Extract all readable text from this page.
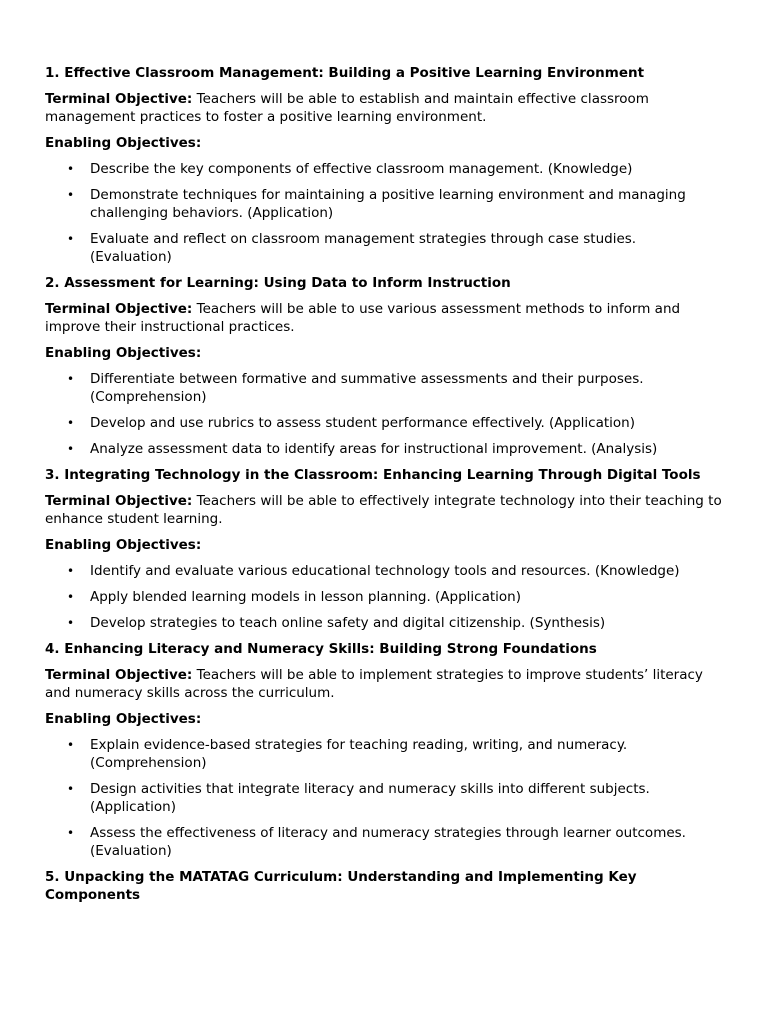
1. Effective Classroom Management: Building a Positive Learning Environment
Terminal Objective: Teachers will be able to establish and maintain effective classroom management practices to foster a positive learning environment.
Enabling Objectives:
• Describe the key components of effective classroom management. (Knowledge)
• Demonstrate techniques for maintaining a positive learning environment and managing challenging behaviors. (Application)
• Evaluate and reflect on classroom management strategies through case studies. (Evaluation)
2. Assessment for Learning: Using Data to Inform Instruction
Terminal Objective: Teachers will be able to use various assessment methods to inform and improve their instructional practices.
Enabling Objectives:
• Differentiate between formative and summative assessments and their purposes. (Comprehension)
• Develop and use rubrics to assess student performance effectively. (Application)
• Analyze assessment data to identify areas for instructional improvement. (Analysis)
3. Integrating Technology in the Classroom: Enhancing Learning Through Digital Tools
Terminal Objective: Teachers will be able to effectively integrate technology into their teaching to enhance student learning.
Enabling Objectives:
• Identify and evaluate various educational technology tools and resources. (Knowledge)
• Apply blended learning models in lesson planning. (Application)
• Develop strategies to teach online safety and digital citizenship. (Synthesis)
4. Enhancing Literacy and Numeracy Skills: Building Strong Foundations
Terminal Objective: Teachers will be able to implement strategies to improve students’ literacy and numeracy skills across the curriculum.
Enabling Objectives:
• Explain evidence-based strategies for teaching reading, writing, and numeracy. (Comprehension)
• Design activities that integrate literacy and numeracy skills into different subjects. (Application)
• Assess the effectiveness of literacy and numeracy strategies through learner outcomes. (Evaluation)
5. Unpacking the MATATAG Curriculum: Understanding and Implementing Key Components
